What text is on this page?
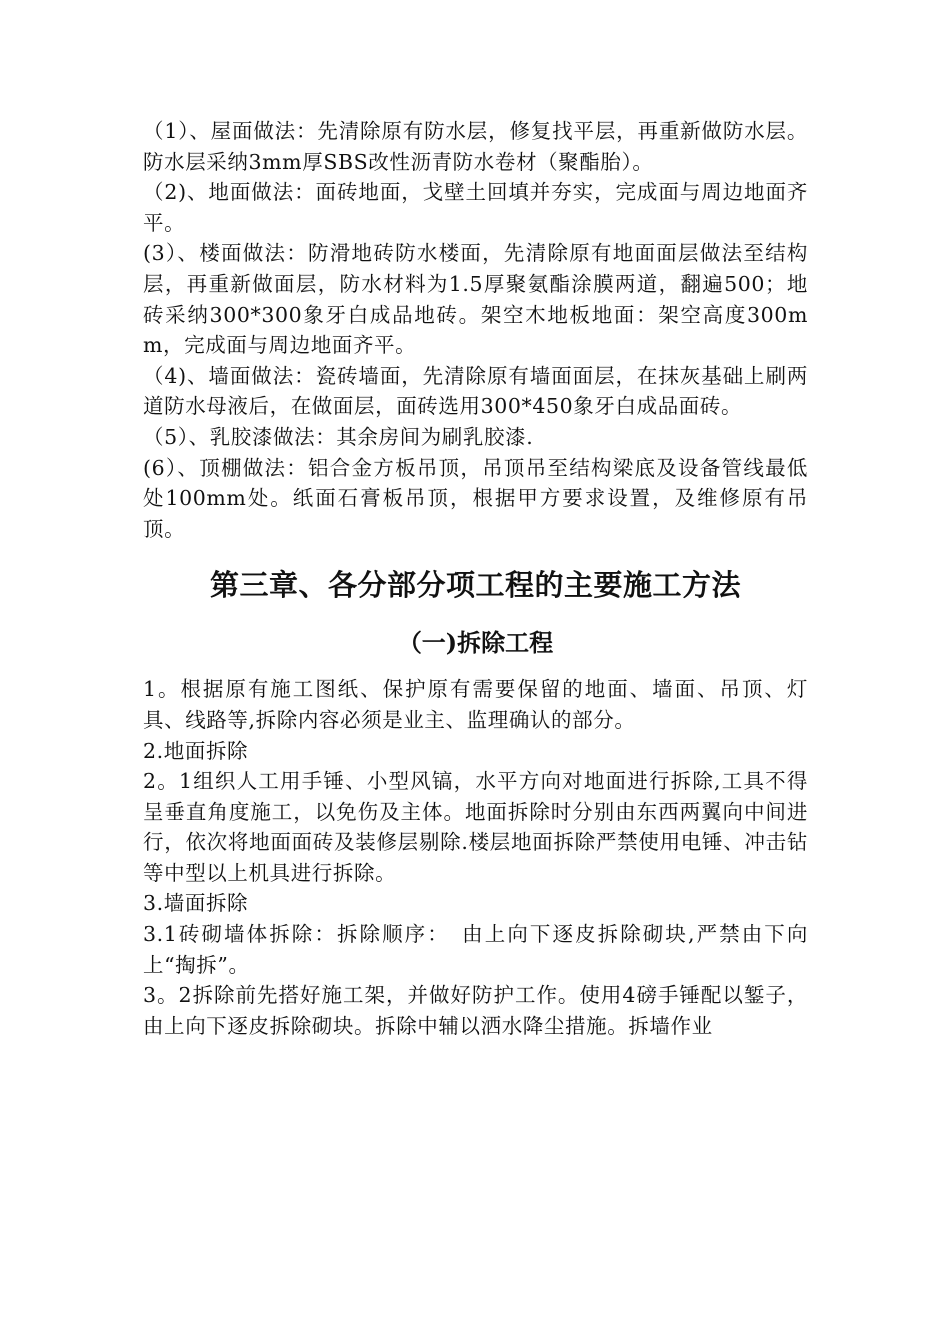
（1）、屋面做法：先清除原有防水层，修复找平层，再重新做防水层。防水层采纳3mm厚SBS改性沥青防水卷材（聚酯胎）。

（2)、地面做法：面砖地面，戈壁土回填并夯实，完成面与周边地面齐平。

(3）、楼面做法：防滑地砖防水楼面，先清除原有地面面层做法至结构层，再重新做面层，防水材料为1.5厚聚氨酯涂膜两道，翻遍500；地砖采纳300*300象牙白成品地砖。架空木地板地面：架空高度300mm，完成面与周边地面齐平。

（4)、墙面做法：瓷砖墙面，先清除原有墙面面层，在抹灰基础上刷两道防水母液后，在做面层，面砖选用300*450象牙白成品面砖。

（5）、乳胶漆做法：其余房间为刷乳胶漆.

(6）、顶棚做法：铝合金方板吊顶，吊顶吊至结构梁底及设备管线最低处100mm处。纸面石膏板吊顶，根据甲方要求设置，及维修原有吊顶。

第三章、各分部分项工程的主要施工方法
（一)拆除工程

1。根据原有施工图纸、保护原有需要保留的地面、墙面、吊顶、灯具、线路等,拆除内容必须是业主、监理确认的部分。

2.地面拆除

2。1组织人工用手锤、小型风镐，水平方向对地面进行拆除,工具不得呈垂直角度施工，以免伤及主体。地面拆除时分别由东西两翼向中间进行，依次将地面面砖及装修层剔除.楼层地面拆除严禁使用电锤、冲击钻等中型以上机具进行拆除。

3.墙面拆除

3.1砖砌墙体拆除：拆除顺序：　由上向下逐皮拆除砌块,严禁由下向上“掏拆”。

3。2拆除前先搭好施工架，并做好防护工作。使用4磅手锤配以錾子，由上向下逐皮拆除砌块。拆除中辅以洒水降尘措施。拆墙作业
